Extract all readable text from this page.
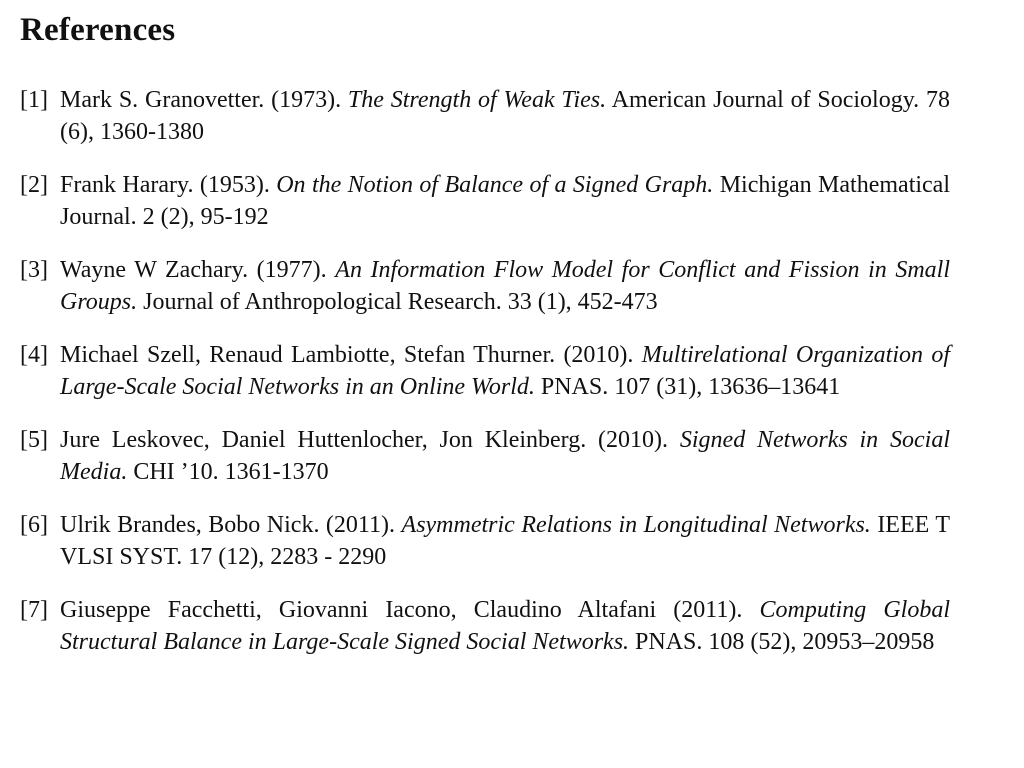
References
[1] Mark S. Granovetter. (1973). The Strength of Weak Ties. American Journal of Sociology. 78 (6), 1360-1380
[2] Frank Harary. (1953). On the Notion of Balance of a Signed Graph. Michigan Mathematical Journal. 2 (2), 95-192
[3] Wayne W Zachary. (1977). An Information Flow Model for Conflict and Fission in Small Groups. Journal of Anthropological Research. 33 (1), 452-473
[4] Michael Szell, Renaud Lambiotte, Stefan Thurner. (2010). Multirelational Organization of Large-Scale Social Networks in an Online World. PNAS. 107 (31), 13636–13641
[5] Jure Leskovec, Daniel Huttenlocher, Jon Kleinberg. (2010). Signed Networks in Social Media. CHI ’10. 1361-1370
[6] Ulrik Brandes, Bobo Nick. (2011). Asymmetric Relations in Longitudinal Networks. IEEE T VLSI SYST. 17 (12), 2283 - 2290
[7] Giuseppe Facchetti, Giovanni Iacono, Claudino Altafani (2011). Computing Global Structural Balance in Large-Scale Signed Social Networks. PNAS. 108 (52), 20953–20958
